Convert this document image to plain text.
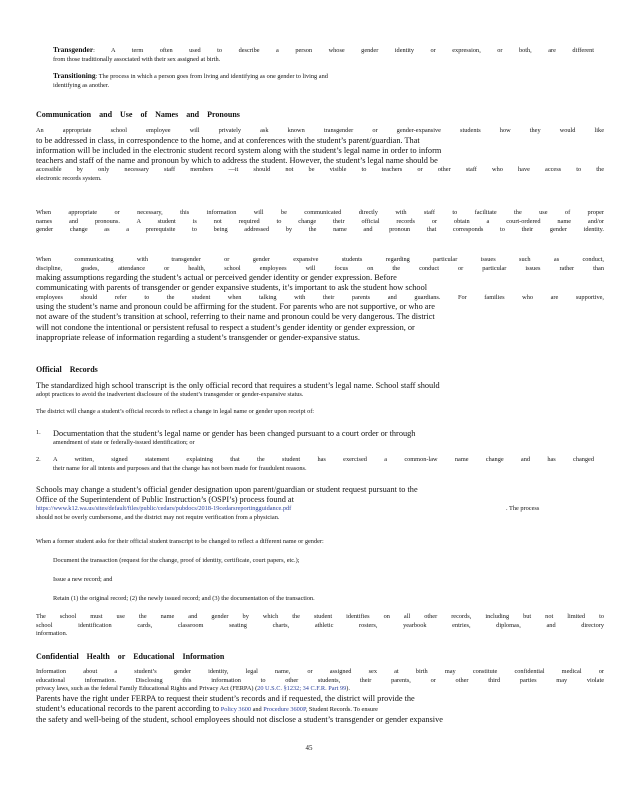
Transgender: A term often used to describe a person whose gender identity or expression, or both, are different
from those traditionally associated with their sex assigned at birth.
Transitioning: The process in which a person goes from living and identifying as one gender to living and
identifying as another.
Communication and Use of Names and Pronouns
An appropriate school employee will privately ask known transgender or gender-expansive students how they would like
to be addressed in class, in correspondence to the home, and at conferences with the student’s parent/guardian. That
information will be included in the electronic student record system along with the student’s legal name in order to inform
teachers and staff of the name and pronoun by which to address the student. However, the student’s legal name should be
accessible by only necessary staff members —it should not be visible to teachers or other staff who have access to the
electronic records system.
When appropriate or necessary, this information will be communicated directly with staff to facilitate the use of proper
names and pronouns. A student is not required to change their official records or obtain a court-ordered name and/or
gender change as a prerequisite to being addressed by the name and pronoun that corresponds to their gender identity.
When communicating with transgender or gender expansive students regarding particular issues such as conduct,
discipline, grades, attendance or health, school employees will focus on the conduct or particular issues rather than
making assumptions regarding the student’s actual or perceived gender identity or gender expression. Before
communicating with parents of transgender or gender expansive students, it’s important to ask the student how school
employees should refer to the student when talking with their parents and guardians. For families who are supportive,
using the student’s name and pronoun could be affirming for the student. For parents who are not supportive, or who are
not aware of the student’s transition at school, referring to their name and pronoun could be very dangerous. The district
will not condone the intentional or persistent refusal to respect a student’s gender identity or gender expression, or
inappropriate release of information regarding a student’s transgender or gender-expansive status.
Official Records
The standardized high school transcript is the only official record that requires a student’s legal name. School staff should
adopt practices to avoid the inadvertent disclosure of the student’s transgender or gender-expansive status.
The district will change a student’s official records to reflect a change in legal name or gender upon receipt of:
1. Documentation that the student’s legal name or gender has been changed pursuant to a court order or through
amendment of state or federally-issued identification; or
2. A written, signed statement explaining that the student has exercised a common-law name change and has changed
their name for all intents and purposes and that the change has not been made for fraudulent reasons.
Schools may change a student’s official gender designation upon parent/guardian or student request pursuant to the
Office of the Superintendent of Public Instruction’s (OSPI’s) process found at
https://www.k12.wa.us/sites/default/files/public/cedars/pubdocs/2018-19cedarsreportingguidance.pdf	. The process
should not be overly cumbersome, and the district may not require verification from a physician.
When a former student asks for their official student transcript to be changed to reflect a different name or gender:
Document the transaction (request for the change, proof of identity, certificate, court papers, etc.);
Issue a new record; and
Retain (1) the original record; (2) the newly issued record; and (3) the documentation of the transaction.
The school must use the name and gender by which the student identifies on all other records, including but not limited to
school identification cards, classroom seating charts, athletic rosters, yearbook entries, diplomas, and directory
information.
Confidential Health or Educational Information
Information about a student’s gender identity, legal name, or assigned sex at birth may constitute confidential medical or
educational information. Disclosing this information to other students, their parents, or other third parties may violate
privacy laws, such as the federal Family Educational Rights and Privacy Act (FERPA) (20 U.S.C. §1232; 34 C.F.R. Part 99).
Parents have the right under FERPA to request their student’s records and if requested, the district will provide the
student’s educational records to the parent according to Policy 3600 and Procedure 3600P, Student Records. To ensure
the safety and well-being of the student, school employees should not disclose a student’s transgender or gender expansive
45
